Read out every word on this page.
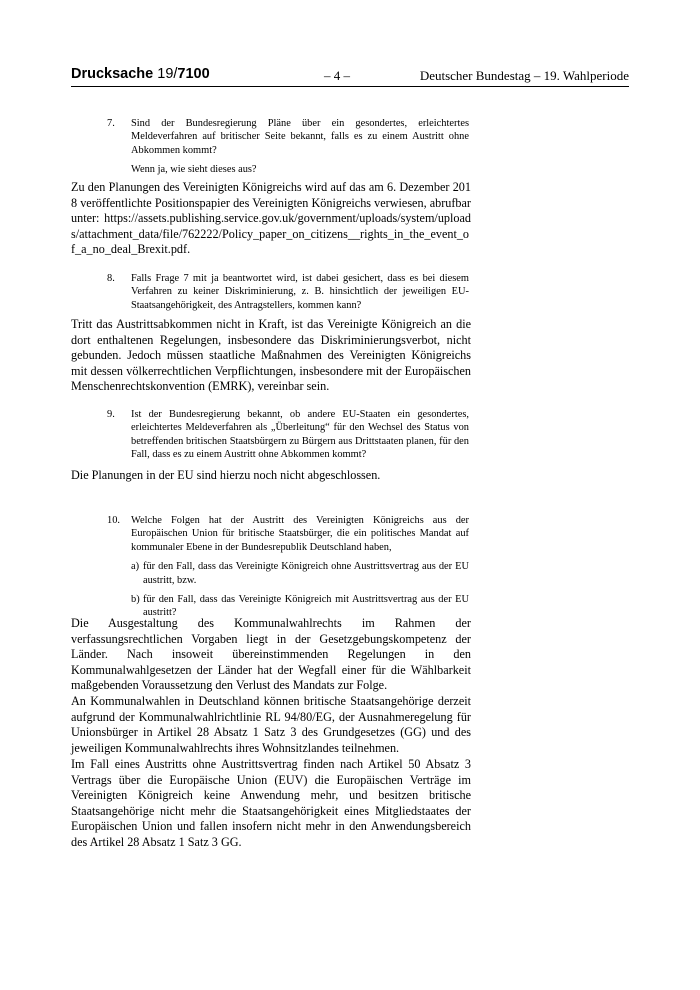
Drucksache 19/7100	– 4 –	Deutscher Bundestag – 19. Wahlperiode
7. Sind der Bundesregierung Pläne über ein gesondertes, erleichtertes Meldeverfahren auf britischer Seite bekannt, falls es zu einem Austritt ohne Abkommen kommt?
Wenn ja, wie sieht dieses aus?

Zu den Planungen des Vereinigten Königreichs wird auf das am 6. Dezember 2018 veröffentlichte Positionspapier des Vereinigten Königreichs verwiesen, abrufbar unter: https://assets.publishing.service.gov.uk/government/uploads/system/uploads/attachment_data/file/762222/Policy_paper_on_citizens__rights_in_the_event_of_a_no_deal_Brexit.pdf.

8. Falls Frage 7 mit ja beantwortet wird, ist dabei gesichert, dass es bei diesem Verfahren zu keiner Diskriminierung, z. B. hinsichtlich der jeweiligen EU-Staatsangehörigkeit, des Antragstellers, kommen kann?

Tritt das Austrittsabkommen nicht in Kraft, ist das Vereinigte Königreich an die dort enthaltenen Regelungen, insbesondere das Diskriminierungsverbot, nicht gebunden. Jedoch müssen staatliche Maßnahmen des Vereinigten Königreichs mit dessen völkerrechtlichen Verpflichtungen, insbesondere mit der Europäischen Menschenrechtskonvention (EMRK), vereinbar sein.

9. Ist der Bundesregierung bekannt, ob andere EU-Staaten ein gesondertes, erleichtertes Meldeverfahren als „Überleitung“ für den Wechsel des Status von betreffenden britischen Staatsbürgern zu Bürgern aus Drittstaaten planen, für den Fall, dass es zu einem Austritt ohne Abkommen kommt?

Die Planungen in der EU sind hierzu noch nicht abgeschlossen.

10. Welche Folgen hat der Austritt des Vereinigten Königreichs aus der Europäischen Union für britische Staatsbürger, die ein politisches Mandat auf kommunaler Ebene in der Bundesrepublik Deutschland haben,
a) für den Fall, dass das Vereinigte Königreich ohne Austrittsvertrag aus der EU austritt, bzw.
b) für den Fall, dass das Vereinigte Königreich mit Austrittsvertrag aus der EU austritt?

Die Ausgestaltung des Kommunalwahlrechts im Rahmen der verfassungsrechtlichen Vorgaben liegt in der Gesetzgebungskompetenz der Länder. Nach insoweit übereinstimmenden Regelungen in den Kommunalwahlgesetzen der Länder hat der Wegfall einer für die Wählbarkeit maßgebenden Voraussetzung den Verlust des Mandats zur Folge.

An Kommunalwahlen in Deutschland können britische Staatsangehörige derzeit aufgrund der Kommunalwahlrichtlinie RL 94/80/EG, der Ausnahmeregelung für Unionsbürger in Artikel 28 Absatz 1 Satz 3 des Grundgesetzes (GG) und des jeweiligen Kommunalwahlrechts ihres Wohnsitzlandes teilnehmen.

Im Fall eines Austritts ohne Austrittsvertrag finden nach Artikel 50 Absatz 3 Vertrags über die Europäische Union (EUV) die Europäischen Verträge im Vereinigten Königreich keine Anwendung mehr, und besitzen britische Staatsangehörige nicht mehr die Staatsangehörigkeit eines Mitgliedstaates der Europäischen Union und fallen insofern nicht mehr in den Anwendungsbereich des Artikel 28 Absatz 1 Satz 3 GG.
